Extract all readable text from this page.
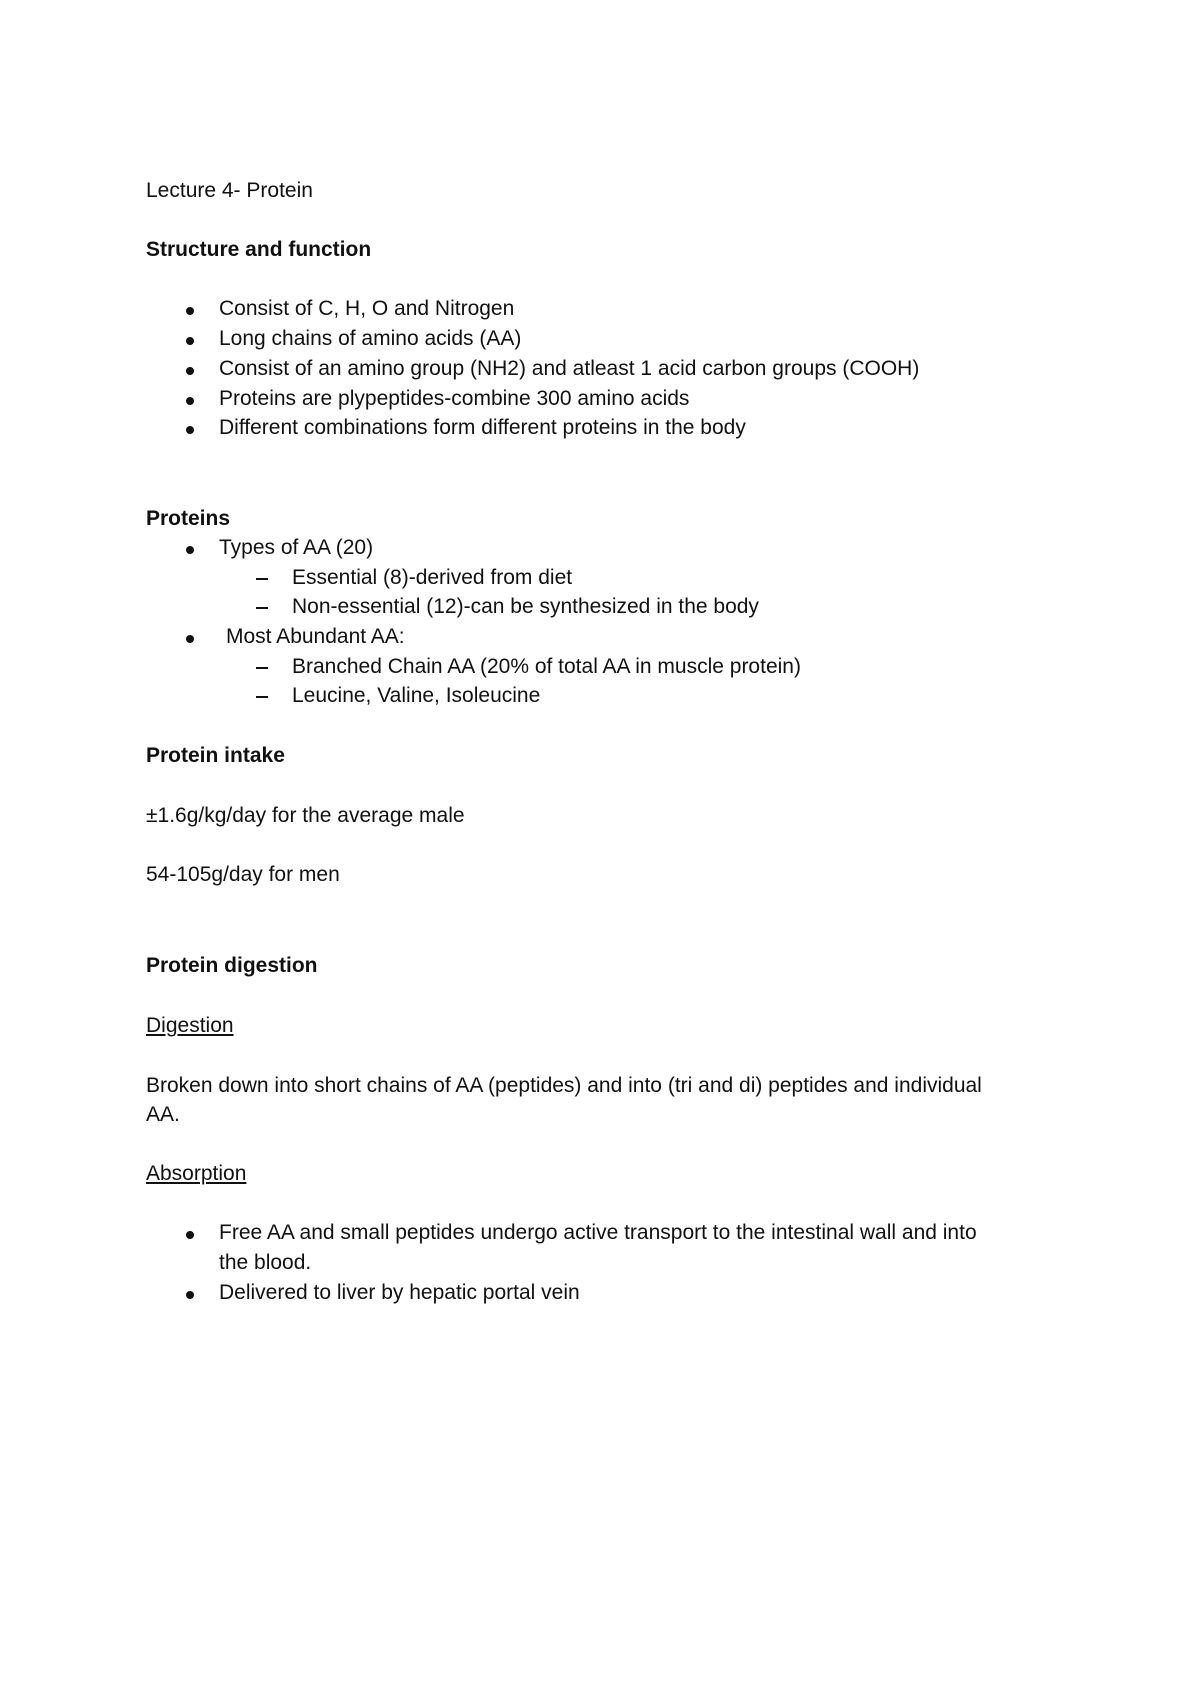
Lecture 4- Protein
Structure and function
Consist of C, H, O and Nitrogen
Long chains of amino acids (AA)
Consist of an amino group (NH2) and atleast 1 acid carbon groups (COOH)
Proteins are plypeptides-combine 300 amino acids
Different combinations form different proteins in the body
Proteins
Types of AA (20)
Essential (8)-derived from diet
Non-essential (12)-can be synthesized in the body
Most Abundant AA:
Branched Chain AA (20% of total AA in muscle protein)
Leucine, Valine, Isoleucine
Protein intake
±1.6g/kg/day for the average male
54-105g/day for men
Protein digestion
Digestion
Broken down into short chains of AA (peptides) and into (tri and di) peptides and individual
AA.
Absorption
Free AA and small peptides undergo active transport to the intestinal wall and into
the blood.
Delivered to liver by hepatic portal vein
